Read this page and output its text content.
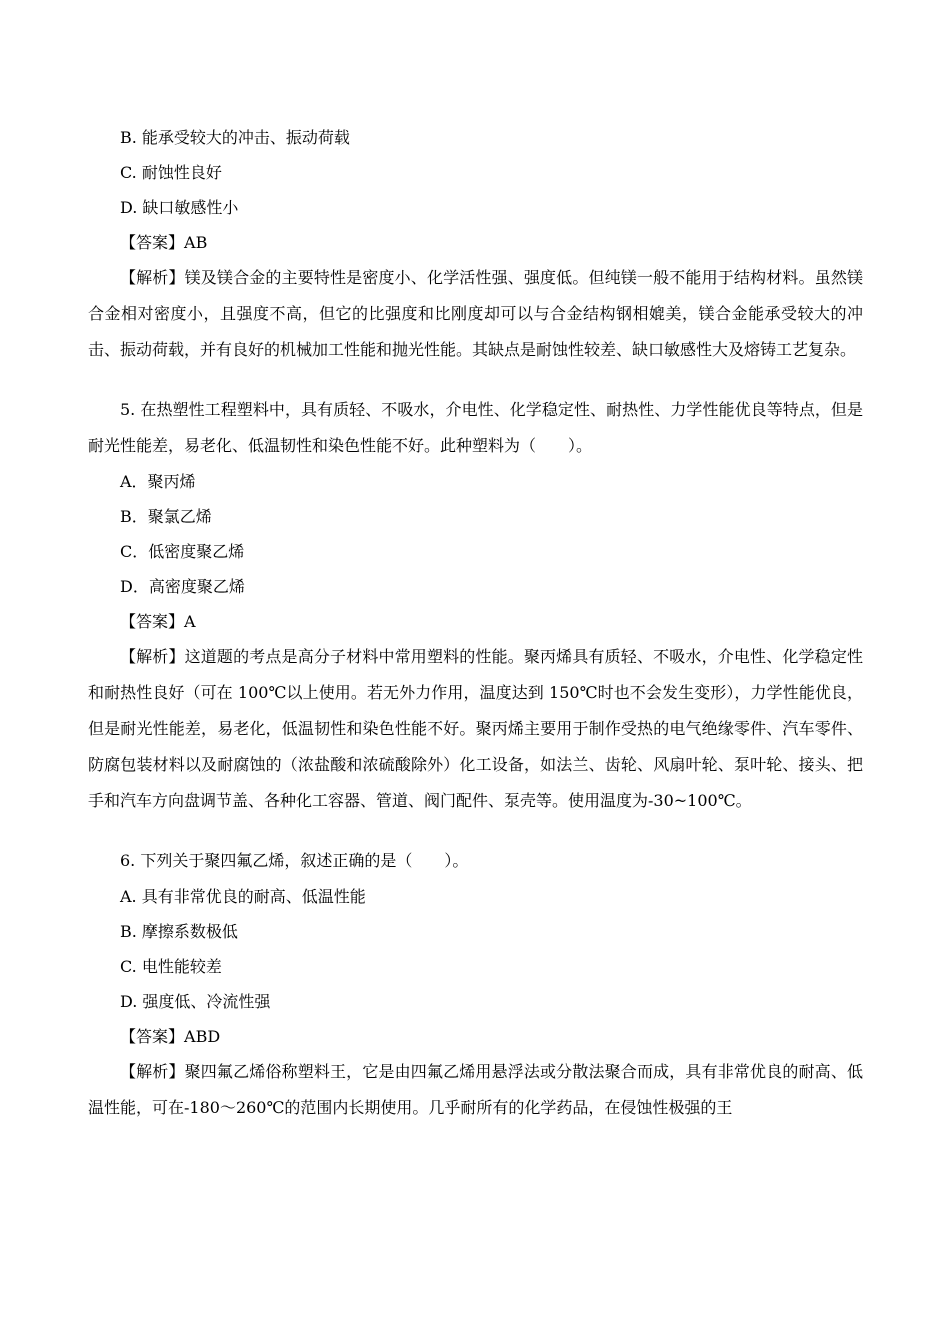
B. 能承受较大的冲击、振动荷载
C. 耐蚀性良好
D. 缺口敏感性小
【答案】AB

【解析】镁及镁合金的主要特性是密度小、化学活性强、强度低。但纯镁一般不能用于结构材料。虽然镁合金相对密度小，且强度不高，但它的比强度和比刚度却可以与合金结构钢相媲美，镁合金能承受较大的冲击、振动荷载，并有良好的机械加工性能和抛光性能。其缺点是耐蚀性较差、缺口敏感性大及熔铸工艺复杂。

5. 在热塑性工程塑料中，具有质轻、不吸水，介电性、化学稳定性、耐热性、力学性能优良等特点，但是耐光性能差，易老化、低温韧性和染色性能不好。此种塑料为（　　）。

A．聚丙烯
B．聚氯乙烯
C．低密度聚乙烯
D．高密度聚乙烯
【答案】A

【解析】这道题的考点是高分子材料中常用塑料的性能。聚丙烯具有质轻、不吸水，介电性、化学稳定性和耐热性良好（可在 100℃以上使用。若无外力作用，温度达到 150℃时也不会发生变形），力学性能优良，但是耐光性能差，易老化，低温韧性和染色性能不好。聚丙烯主要用于制作受热的电气绝缘零件、汽车零件、防腐包装材料以及耐腐蚀的（浓盐酸和浓硫酸除外）化工设备，如法兰、齿轮、风扇叶轮、泵叶轮、接头、把手和汽车方向盘调节盖、各种化工容器、管道、阀门配件、泵壳等。使用温度为-30~100℃。

6. 下列关于聚四氟乙烯，叙述正确的是（　　）。

A. 具有非常优良的耐高、低温性能
B. 摩擦系数极低
C. 电性能较差
D. 强度低、冷流性强
【答案】ABD

【解析】聚四氟乙烯俗称塑料王，它是由四氟乙烯用悬浮法或分散法聚合而成，具有非常优良的耐高、低温性能，可在-180～260℃的范围内长期使用。几乎耐所有的化学药品，在侵蚀性极强的王
